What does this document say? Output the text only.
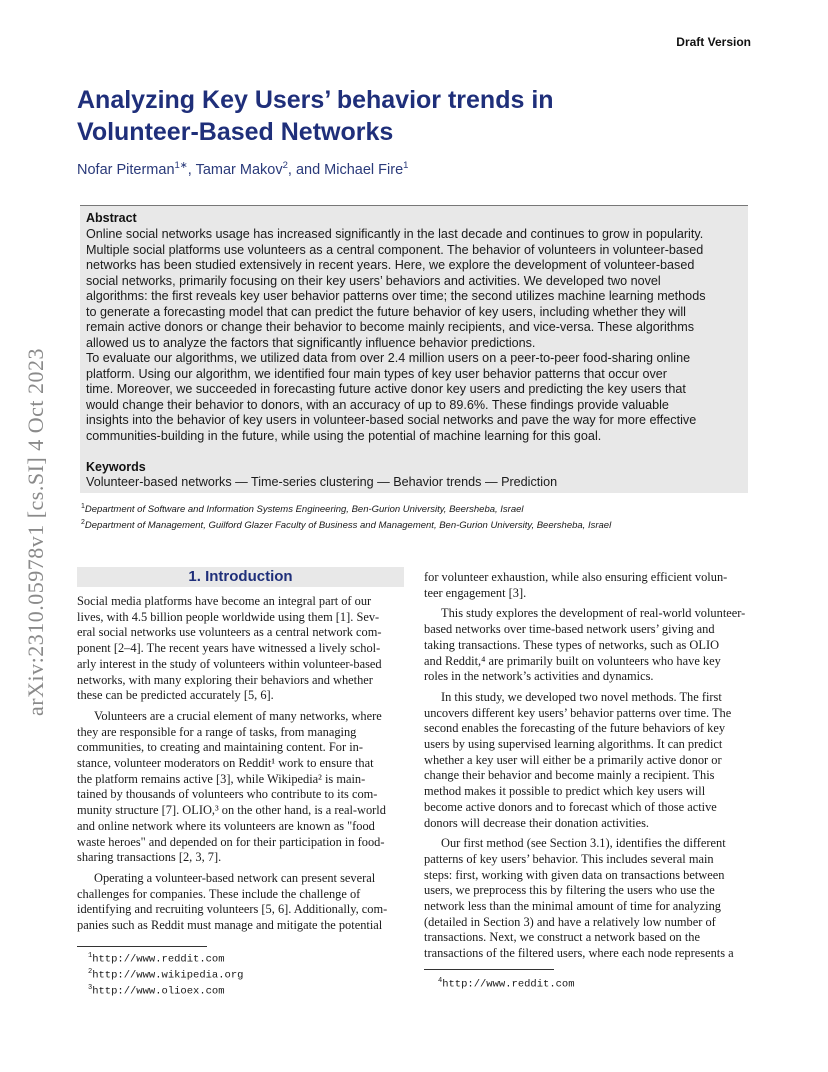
Draft Version
Analyzing Key Users’ behavior trends in
Volunteer-Based Networks
Nofar Piterman$^{1∗}$, Tamar Makov$^2$, and Michael Fire$^1$
Abstract
Online social networks usage has increased significantly in the last decade and continues to grow in popularity.
Multiple social platforms use volunteers as a central component. The behavior of volunteers in volunteer-based
networks has been studied extensively in recent years. Here, we explore the development of volunteer-based
social networks, primarily focusing on their key users’ behaviors and activities. We developed two novel
algorithms: the first reveals key user behavior patterns over time; the second utilizes machine learning methods
to generate a forecasting model that can predict the future behavior of key users, including whether they will
remain active donors or change their behavior to become mainly recipients, and vice-versa. These algorithms
allowed us to analyze the factors that significantly influence behavior predictions.
To evaluate our algorithms, we utilized data from over 2.4 million users on a peer-to-peer food-sharing online
platform. Using our algorithm, we identified four main types of key user behavior patterns that occur over
time. Moreover, we succeeded in forecasting future active donor key users and predicting the key users that
would change their behavior to donors, with an accuracy of up to 89.6%. These findings provide valuable
insights into the behavior of key users in volunteer-based social networks and pave the way for more effective
communities-building in the future, while using the potential of machine learning for this goal.
Keywords
Volunteer-based networks — Time-series clustering — Behavior trends — Prediction
$^1$Department of Software and Information Systems Engineering, Ben-Gurion University, Beersheba, Israel
$^2$Department of Management, Guilford Glazer Faculty of Business and Management, Ben-Gurion University, Beersheba, Israel
arXiv:2310.05978v1 [cs.SI] 4 Oct 2023	1. Introduction
Social media platforms have become an integral part of our
lives, with 4.5 billion people worldwide using them [1]. Sev-
eral social networks use volunteers as a central network com-
ponent [2–4]. The recent years have witnessed a lively schol-
arly interest in the study of volunteers within volunteer-based
networks, with many exploring their behaviors and whether
these can be predicted accurately [5, 6].
Volunteers are a crucial element of many networks, where
they are responsible for a range of tasks, from managing
communities, to creating and maintaining content. For in-
stance, volunteer moderators on Reddit¹ work to ensure that
the platform remains active [3], while Wikipedia² is main-
tained by thousands of volunteers who contribute to its com-
munity structure [7]. OLIO,³ on the other hand, is a real-world
and online network where its volunteers are known as "food
waste heroes" and depended on for their participation in food-
sharing transactions [2, 3, 7].
Operating a volunteer-based network can present several
challenges for companies. These include the challenge of
identifying and recruiting volunteers [5, 6]. Additionally, com-
panies such as Reddit must manage and mitigate the potential
for volunteer exhaustion, while also ensuring efficient volun-
teer engagement [3].
This study explores the development of real-world volunteer-
based networks over time-based network users’ giving and
taking transactions. These types of networks, such as OLIO
and Reddit,⁴ are primarily built on volunteers who have key
roles in the network’s activities and dynamics.
In this study, we developed two novel methods. The first
uncovers different key users’ behavior patterns over time. The
second enables the forecasting of the future behaviors of key
users by using supervised learning algorithms. It can predict
whether a key user will either be a primarily active donor or
change their behavior and become mainly a recipient. This
method makes it possible to predict which key users will
become active donors and to forecast which of those active
donors will decrease their donation activities.
Our first method (see Section 3.1), identifies the different
patterns of key users’ behavior. This includes several main
steps: first, working with given data on transactions between
users, we preprocess this by filtering the users who use the
network less than the minimal amount of time for analyzing
(detailed in Section 3) and have a relatively low number of
transactions. Next, we construct a network based on the
transactions of the filtered users, where each node represents a
$^1$http://www.reddit.com
$^2$http://www.wikipedia.org
$^3$http://www.olioex.com
$^4$http://www.reddit.com
